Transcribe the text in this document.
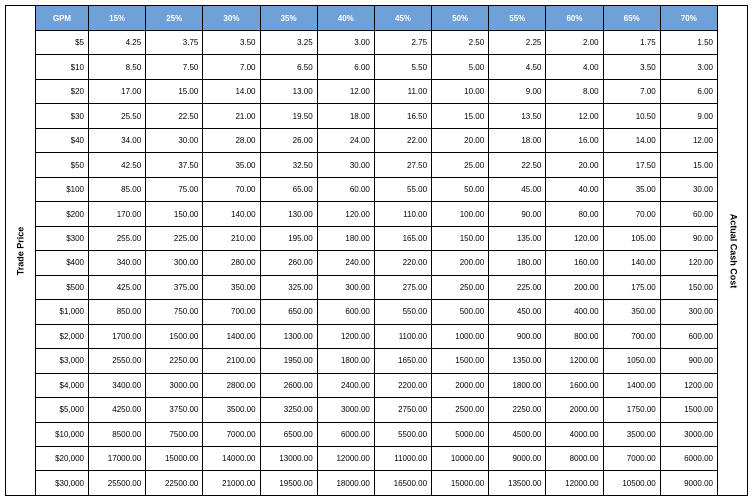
Trade Price
GPM	15%	25%	30%	35%	40%	45%	50%	55%	60%	65%	70%
$5	4.25	3.75	3.50	3.25	3.00	2.75	2.50	2.25	2.00	1.75	1.50
$10	8.50	7.50	7.00	6.50	6.00	5.50	5.00	4.50	4.00	3.50	3.00
$20	17.00	15.00	14.00	13.00	12.00	11.00	10.00	9.00	8.00	7.00	6.00
$30	25.50	22.50	21.00	19.50	18.00	16.50	15.00	13.50	12.00	10.50	9.00
$40	34.00	30.00	28.00	26.00	24.00	22.00	20.00	18.00	16.00	14.00	12.00
$50	42.50	37.50	35.00	32.50	30.00	27.50	25.00	22.50	20.00	17.50	15.00
$100	85.00	75.00	70.00	65.00	60.00	55.00	50.00	45.00	40.00	35.00	30.00
$200	170.00	150.00	140.00	130.00	120.00	110.00	100.00	90.00	80.00	70.00	60.00
$300	255.00	225.00	210.00	195.00	180.00	165.00	150.00	135.00	120.00	105.00	90.00
$400	340.00	300.00	280.00	260.00	240.00	220.00	200.00	180.00	160.00	140.00	120.00
$500	425.00	375.00	350.00	325.00	300.00	275.00	250.00	225.00	200.00	175.00	150.00
$1,000	850.00	750.00	700.00	650.00	600.00	550.00	500.00	450.00	400.00	350.00	300.00
$2,000	1700.00	1500.00	1400.00	1300.00	1200.00	1100.00	1000.00	900.00	800.00	700.00	600.00
$3,000	2550.00	2250.00	2100.00	1950.00	1800.00	1650.00	1500.00	1350.00	1200.00	1050.00	900.00
$4,000	3400.00	3000.00	2800.00	2600.00	2400.00	2200.00	2000.00	1800.00	1600.00	1400.00	1200.00
$5,000	4250.00	3750.00	3500.00	3250.00	3000.00	2750.00	2500.00	2250.00	2000.00	1750.00	1500.00
$10,000	8500.00	7500.00	7000.00	6500.00	6000.00	5500.00	5000.00	4500.00	4000.00	3500.00	3000.00
$20,000	17000.00	15000.00	14000.00	13000.00	12000.00	11000.00	10000.00	9000.00	8000.00	7000.00	6000.00
$30,000	25500.00	22500.00	21000.00	19500.00	18000.00	16500.00	15000.00	13500.00	12000.00	10500.00	9000.00
Actual Cash Cost
